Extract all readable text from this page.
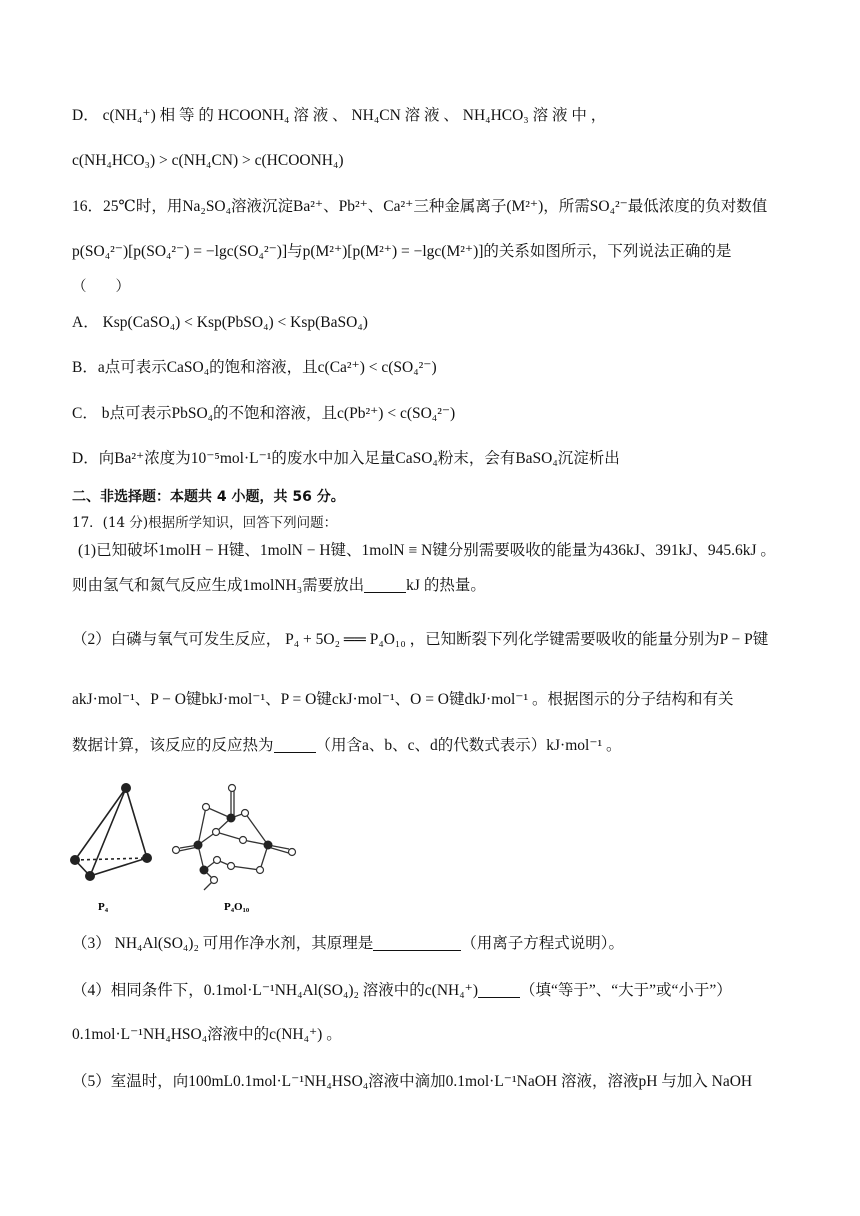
D． c(NH₄⁺) 相 等 的 HCOONH₄ 溶 液 、 NH₄CN 溶 液 、 NH₄HCO₃ 溶 液 中 ，
c(NH₄HCO₃) > c(NH₄CN) > c(HCOONH₄)
16．25℃时，用Na₂SO₄溶液沉淀Ba²⁺、Pb²⁺、Ca²⁺三种金属离子(M²⁺)，所需SO₄²⁻最低浓度的负对数值
p(SO₄²⁻)[p(SO₄²⁻) = −lgc(SO₄²⁻)]与p(M²⁺)[p(M²⁺) = −lgc(M²⁺)]的关系如图所示，下列说法正确的是
（　　）
A． Ksp(CaSO₄) < Ksp(PbSO₄) < Ksp(BaSO₄)
B．a点可表示CaSO₄的饱和溶液，且c(Ca²⁺) < c(SO₄²⁻)
C． b点可表示PbSO₄的不饱和溶液，且c(Pb²⁺) < c(SO₄²⁻)
D．向Ba²⁺浓度为10⁻⁵mol·L⁻¹的废水中加入足量CaSO₄粉末，会有BaSO₄沉淀析出
二、非选择题：本题共 4 小题，共 56 分。
17．(14 分)根据所学知识，回答下列问题：
(1)已知破坏1molH − H键、1molN − H键、1molN ≡ N键分别需要吸收的能量为436kJ、391kJ、945.6kJ 。
则由氢气和氮气反应生成1molNH₃需要放出	kJ 的热量。
（2）白磷与氧气可发生反应， P₄ + 5O₂ ══ P₄O₁₀ ，已知断裂下列化学键需要吸收的能量分别为P − P键
akJ·mol⁻¹、P − O键bkJ·mol⁻¹、P = O键ckJ·mol⁻¹、O = O键dkJ·mol⁻¹ 。根据图示的分子结构和有关
数据计算，该反应的反应热为	（用含a、b、c、d的代数式表示）kJ·mol⁻¹ 。
P₄	P₄O₁₀
（3） NH₄Al(SO₄)₂ 可用作净水剂，其原理是	（用离子方程式说明）。
（4）相同条件下，0.1mol·L⁻¹NH₄Al(SO₄)₂ 溶液中的c(NH₄⁺)	（填“等于”、“大于”或“小于”）
0.1mol·L⁻¹NH₄HSO₄溶液中的c(NH₄⁺) 。
（5）室温时，向100mL0.1mol·L⁻¹NH₄HSO₄溶液中滴加0.1mol·L⁻¹NaOH 溶液，溶液pH 与加入 NaOH
